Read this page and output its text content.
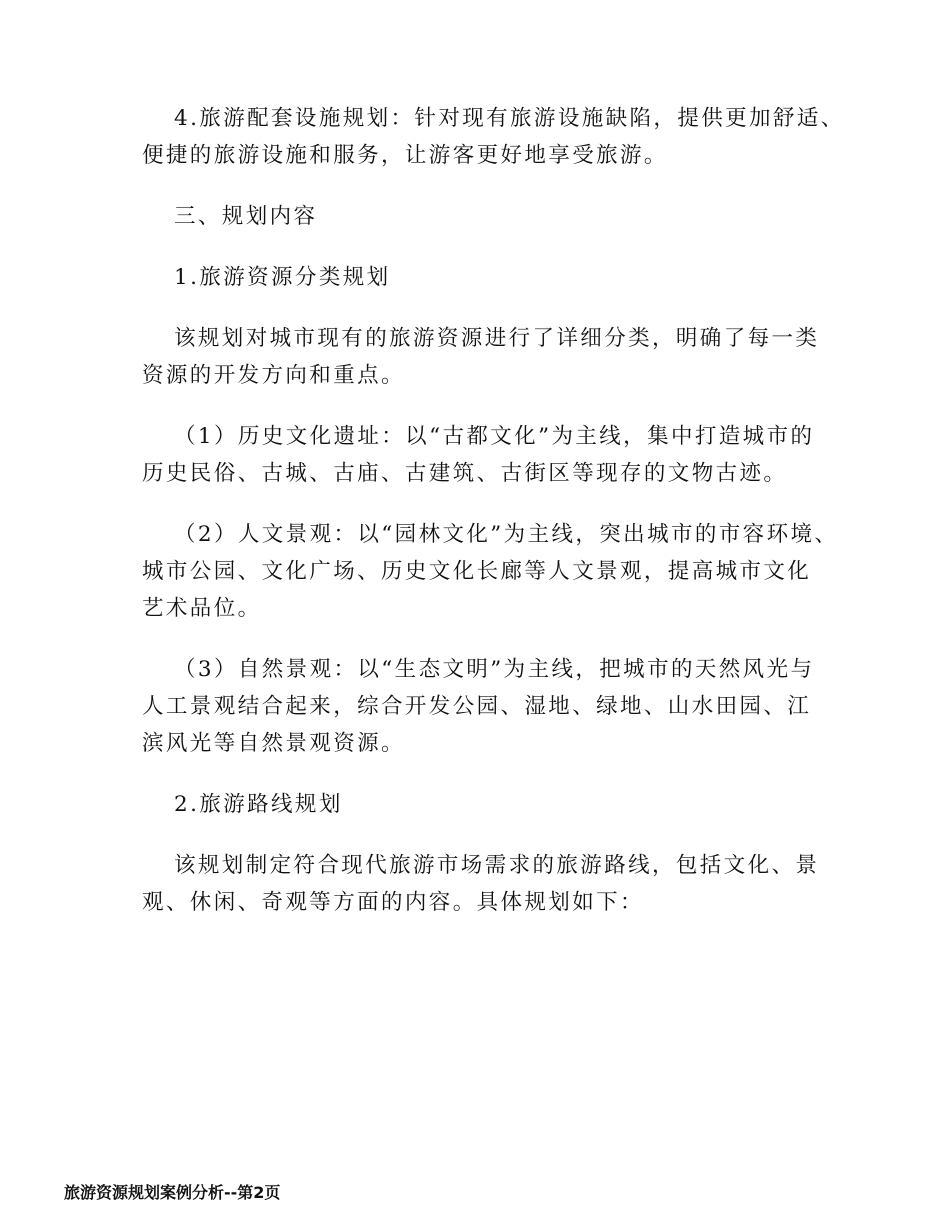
4.旅游配套设施规划：针对现有旅游设施缺陷，提供更加舒适、
便捷的旅游设施和服务，让游客更好地享受旅游。

三、规划内容

1.旅游资源分类规划

该规划对城市现有的旅游资源进行了详细分类，明确了每一类
资源的开发方向和重点。

（1）历史文化遗址：以“古都文化”为主线，集中打造城市的
历史民俗、古城、古庙、古建筑、古街区等现存的文物古迹。

（2）人文景观：以“园林文化”为主线，突出城市的市容环境、
城市公园、文化广场、历史文化长廊等人文景观，提高城市文化
艺术品位。

（3）自然景观：以“生态文明”为主线，把城市的天然风光与
人工景观结合起来，综合开发公园、湿地、绿地、山水田园、江
滨风光等自然景观资源。

2.旅游路线规划

该规划制定符合现代旅游市场需求的旅游路线，包括文化、景
观、休闲、奇观等方面的内容。具体规划如下：

旅游资源规划案例分析--第2页
